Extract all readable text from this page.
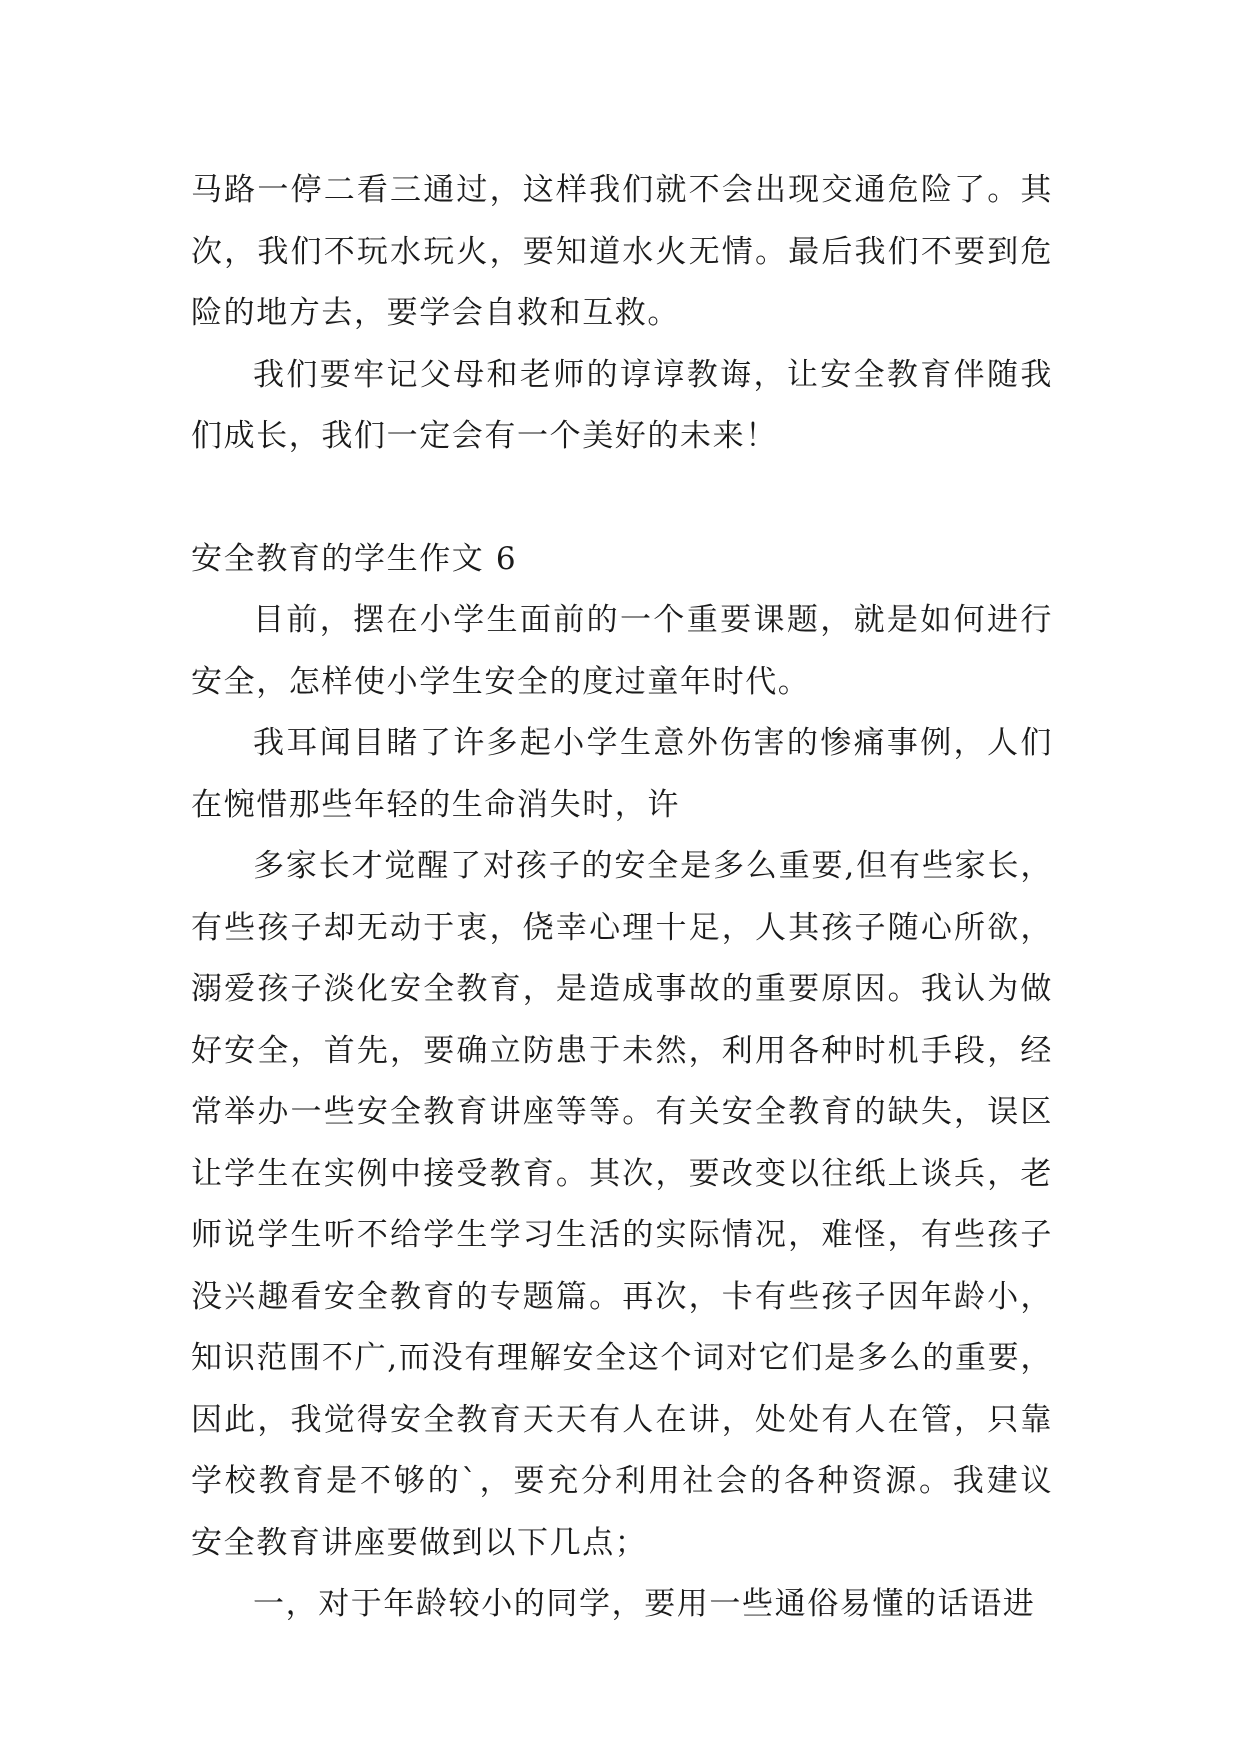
马路一停二看三通过，这样我们就不会出现交通危险了。其次，我们不玩水玩火，要知道水火无情。最后我们不要到危险的地方去，要学会自救和互救。

我们要牢记父母和老师的谆谆教诲，让安全教育伴随我们成长，我们一定会有一个美好的未来！

安全教育的学生作文 6

目前，摆在小学生面前的一个重要课题，就是如何进行安全，怎样使小学生安全的度过童年时代。

我耳闻目睹了许多起小学生意外伤害的惨痛事例，人们在惋惜那些年轻的生命消失时，许

多家长才觉醒了对孩子的安全是多么重要,但有些家长，有些孩子却无动于衷，侥幸心理十足，人其孩子随心所欲，溺爱孩子淡化安全教育，是造成事故的重要原因。我认为做好安全，首先，要确立防患于未然，利用各种时机手段，经常举办一些安全教育讲座等等。有关安全教育的缺失，误区让学生在实例中接受教育。其次，要改变以往纸上谈兵，老师说学生听不给学生学习生活的实际情况，难怪，有些孩子没兴趣看安全教育的专题篇。再次，卡有些孩子因年龄小，知识范围不广,而没有理解安全这个词对它们是多么的重要，因此，我觉得安全教育天天有人在讲，处处有人在管，只靠学校教育是不够的`，要充分利用社会的各种资源。我建议安全教育讲座要做到以下几点；

一，对于年龄较小的同学，要用一些通俗易懂的话语进
